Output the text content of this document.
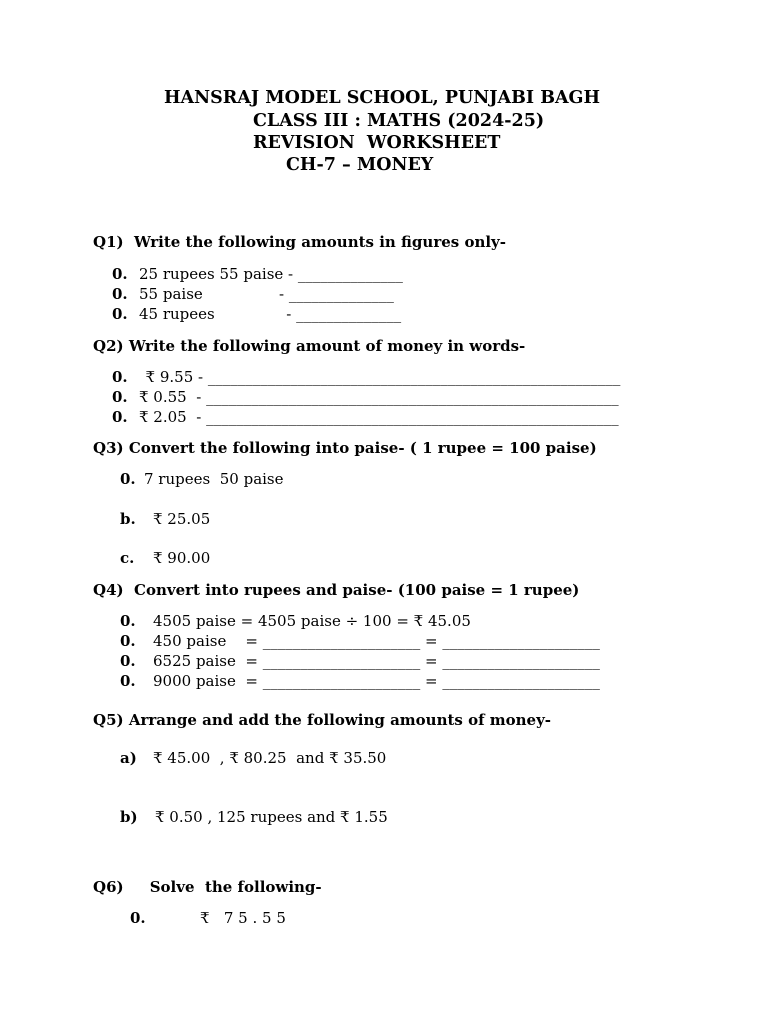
HANSRAJ MODEL SCHOOL, PUNJABI BAGH
CLASS III : MATHS (2024-25)
REVISION  WORKSHEET
CH-7 – MONEY
Q1)  Write the following amounts in figures only-
0. 25 rupees 55 paise - ______________
0. 55 paise                - ______________
0. 45 rupees               - ______________
Q2) Write the following amount of money in words-
0. ₹ 9.55 - _______________________________________________________
0. ₹ 0.55  - _______________________________________________________
0. ₹ 2.05  - _______________________________________________________
Q3) Convert the following into paise- ( 1 rupee = 100 paise)
0. 7 rupees  50 paise
b. ₹ 25.05
c. ₹ 90.00
Q4)  Convert into rupees and paise- (100 paise = 1 rupee)
0. 4505 paise = 4505 paise ÷ 100 = ₹ 45.05
0. 450 paise    = _____________________ = _____________________
0. 6525 paise  = _____________________ = _____________________
0. 9000 paise  = _____________________ = _____________________
Q5) Arrange and add the following amounts of money-
a) ₹ 45.00  , ₹ 80.25  and ₹ 35.50
b) ₹ 0.50 , 125 rupees and ₹ 1.55
Q6)     Solve  the following-
0.	₹   7 5 . 5 5
